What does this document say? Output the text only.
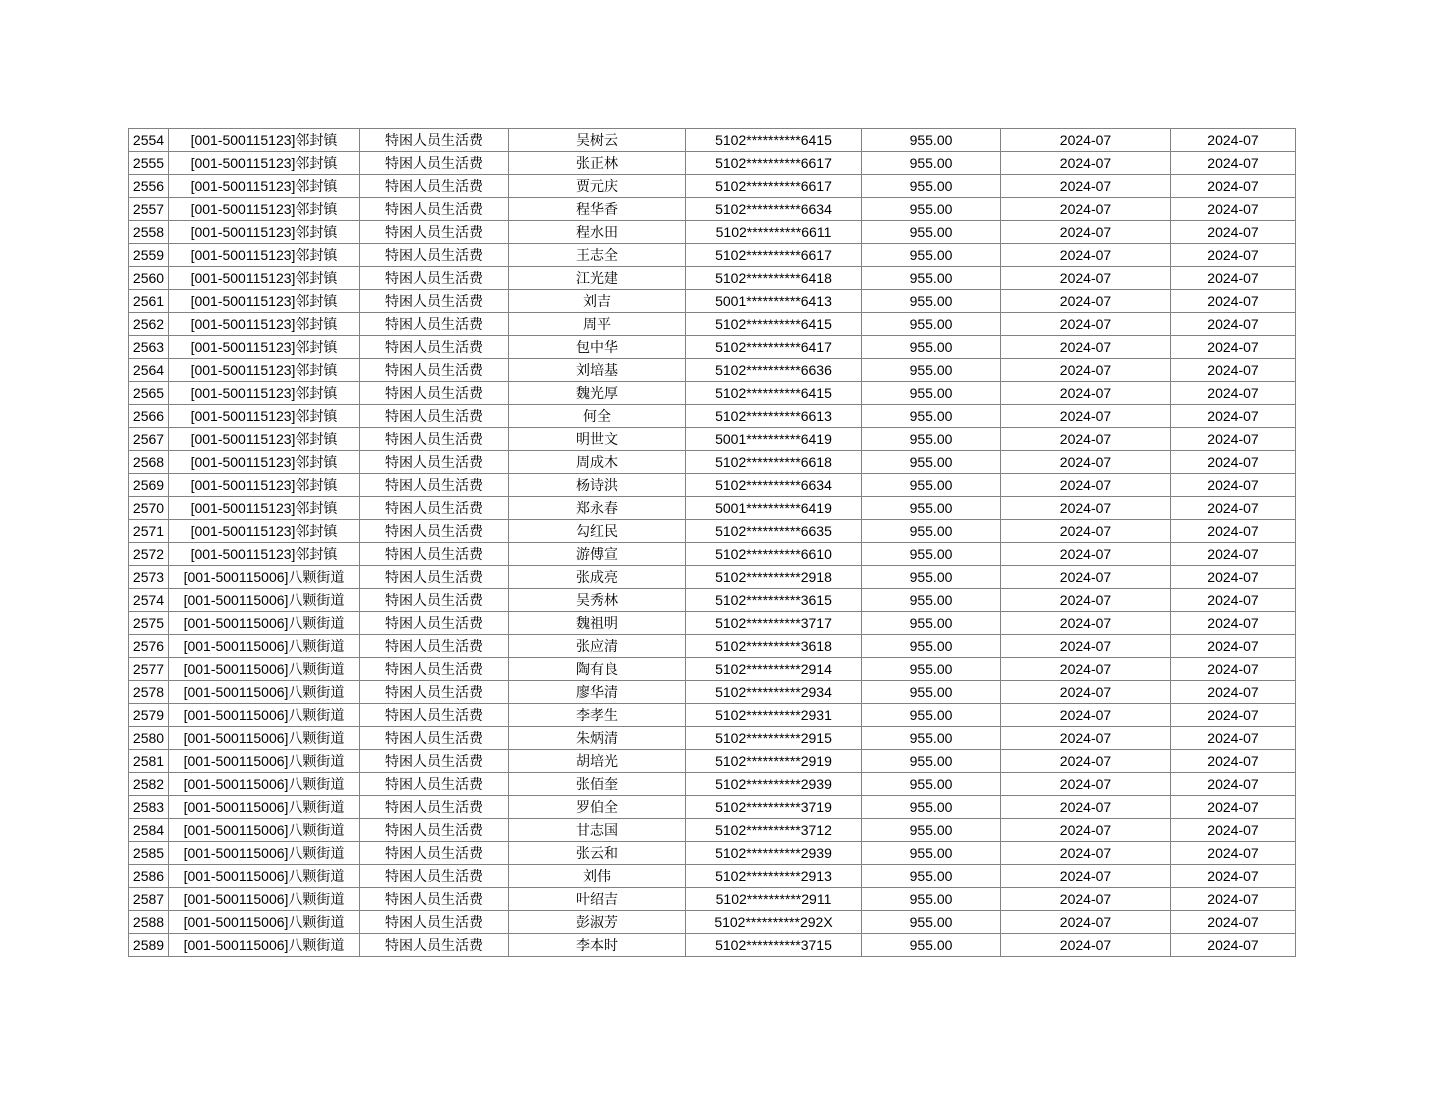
2554	[001-500115123]邻封镇	特困人员生活费	吴树云	5102**********6415	955.00	2024-07	2024-07
2555	[001-500115123]邻封镇	特困人员生活费	张正林	5102**********6617	955.00	2024-07	2024-07
2556	[001-500115123]邻封镇	特困人员生活费	贾元庆	5102**********6617	955.00	2024-07	2024-07
2557	[001-500115123]邻封镇	特困人员生活费	程华香	5102**********6634	955.00	2024-07	2024-07
2558	[001-500115123]邻封镇	特困人员生活费	程水田	5102**********6611	955.00	2024-07	2024-07
2559	[001-500115123]邻封镇	特困人员生活费	王志全	5102**********6617	955.00	2024-07	2024-07
2560	[001-500115123]邻封镇	特困人员生活费	江光建	5102**********6418	955.00	2024-07	2024-07
2561	[001-500115123]邻封镇	特困人员生活费	刘吉	5001**********6413	955.00	2024-07	2024-07
2562	[001-500115123]邻封镇	特困人员生活费	周平	5102**********6415	955.00	2024-07	2024-07
2563	[001-500115123]邻封镇	特困人员生活费	包中华	5102**********6417	955.00	2024-07	2024-07
2564	[001-500115123]邻封镇	特困人员生活费	刘培基	5102**********6636	955.00	2024-07	2024-07
2565	[001-500115123]邻封镇	特困人员生活费	魏光厚	5102**********6415	955.00	2024-07	2024-07
2566	[001-500115123]邻封镇	特困人员生活费	何全	5102**********6613	955.00	2024-07	2024-07
2567	[001-500115123]邻封镇	特困人员生活费	明世文	5001**********6419	955.00	2024-07	2024-07
2568	[001-500115123]邻封镇	特困人员生活费	周成木	5102**********6618	955.00	2024-07	2024-07
2569	[001-500115123]邻封镇	特困人员生活费	杨诗洪	5102**********6634	955.00	2024-07	2024-07
2570	[001-500115123]邻封镇	特困人员生活费	郑永春	5001**********6419	955.00	2024-07	2024-07
2571	[001-500115123]邻封镇	特困人员生活费	勾红民	5102**********6635	955.00	2024-07	2024-07
2572	[001-500115123]邻封镇	特困人员生活费	游傅宣	5102**********6610	955.00	2024-07	2024-07
2573	[001-500115006]八颗街道	特困人员生活费	张成亮	5102**********2918	955.00	2024-07	2024-07
2574	[001-500115006]八颗街道	特困人员生活费	吴秀林	5102**********3615	955.00	2024-07	2024-07
2575	[001-500115006]八颗街道	特困人员生活费	魏祖明	5102**********3717	955.00	2024-07	2024-07
2576	[001-500115006]八颗街道	特困人员生活费	张应清	5102**********3618	955.00	2024-07	2024-07
2577	[001-500115006]八颗街道	特困人员生活费	陶有良	5102**********2914	955.00	2024-07	2024-07
2578	[001-500115006]八颗街道	特困人员生活费	廖华清	5102**********2934	955.00	2024-07	2024-07
2579	[001-500115006]八颗街道	特困人员生活费	李孝生	5102**********2931	955.00	2024-07	2024-07
2580	[001-500115006]八颗街道	特困人员生活费	朱炳清	5102**********2915	955.00	2024-07	2024-07
2581	[001-500115006]八颗街道	特困人员生活费	胡培光	5102**********2919	955.00	2024-07	2024-07
2582	[001-500115006]八颗街道	特困人员生活费	张佰奎	5102**********2939	955.00	2024-07	2024-07
2583	[001-500115006]八颗街道	特困人员生活费	罗伯全	5102**********3719	955.00	2024-07	2024-07
2584	[001-500115006]八颗街道	特困人员生活费	甘志国	5102**********3712	955.00	2024-07	2024-07
2585	[001-500115006]八颗街道	特困人员生活费	张云和	5102**********2939	955.00	2024-07	2024-07
2586	[001-500115006]八颗街道	特困人员生活费	刘伟	5102**********2913	955.00	2024-07	2024-07
2587	[001-500115006]八颗街道	特困人员生活费	叶绍吉	5102**********2911	955.00	2024-07	2024-07
2588	[001-500115006]八颗街道	特困人员生活费	彭淑芳	5102**********292X	955.00	2024-07	2024-07
2589	[001-500115006]八颗街道	特困人员生活费	李本时	5102**********3715	955.00	2024-07	2024-07
